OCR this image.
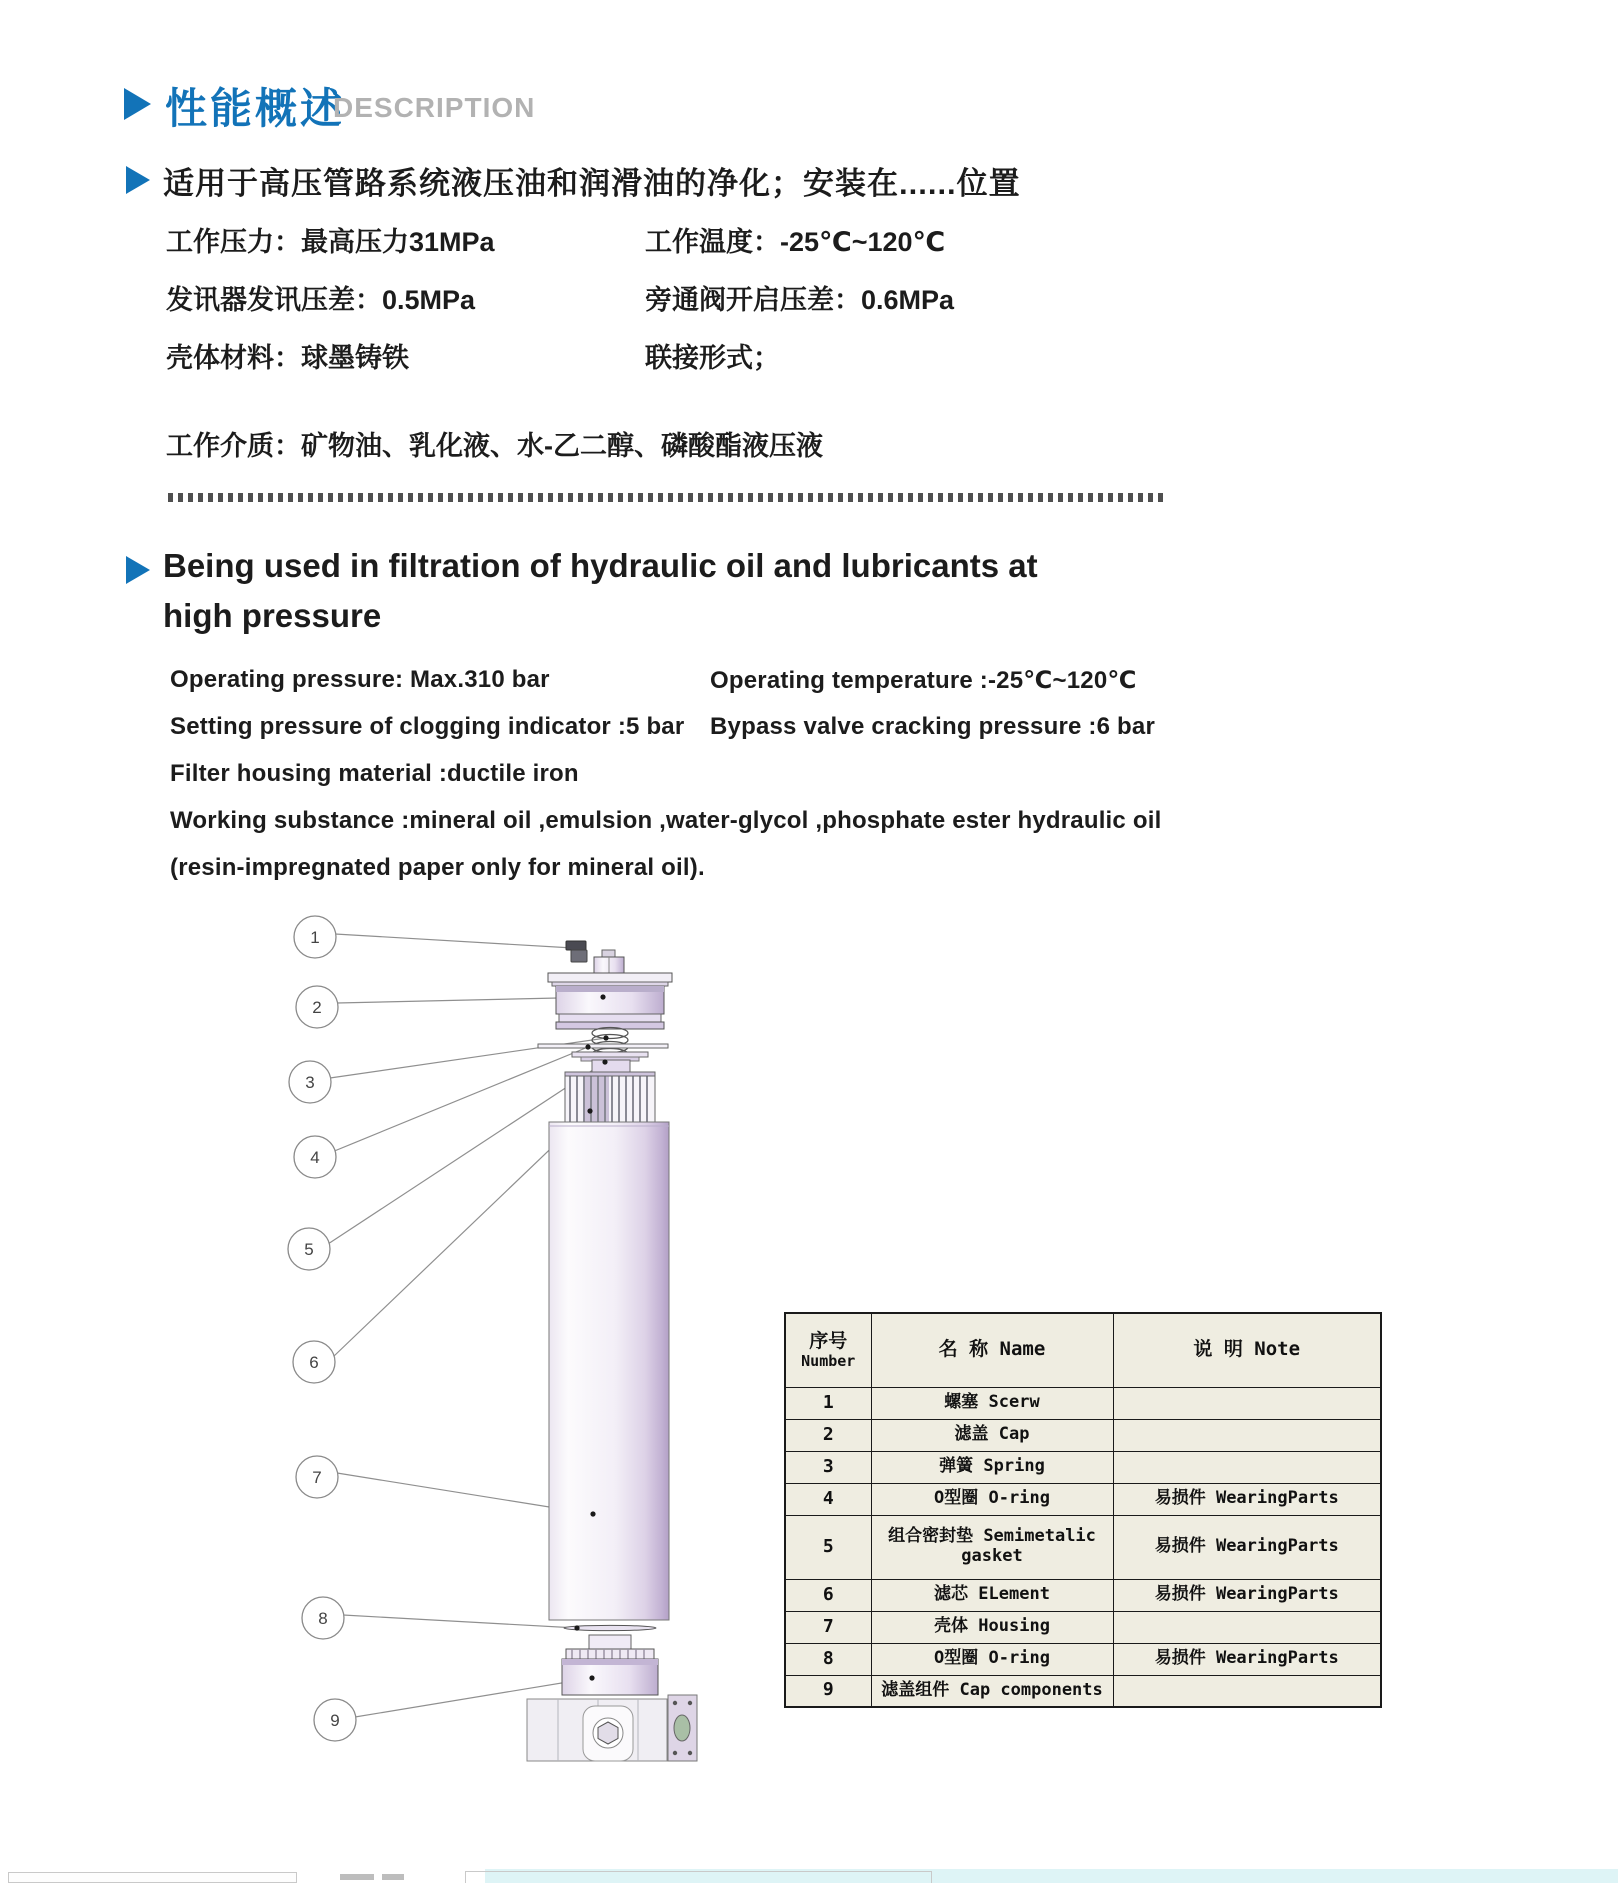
性能概述
DESCRIPTION
适用于高压管路系统液压油和润滑油的净化；安装在......位置
工作压力：最高压力31MPa	工作温度：-25℃~120℃
发讯器发讯压差：0.5MPa	旁通阀开启压差：0.6MPa
壳体材料：球墨铸铁	联接形式；
工作介质：矿物油、乳化液、水-乙二醇、磷酸酯液压液
Being used in filtration of hydraulic oil and lubricants at high pressure
Operating pressure: Max.310 bar	Operating temperature :-25℃~120℃
Setting pressure of clogging indicator :5 bar Bypass valve cracking pressure :6 bar
Filter housing material :ductile iron
Working substance :mineral oil ,emulsion ,water-glycol ,phosphate ester hydraulic oil
(resin-impregnated paper only for mineral oil).
1
2
3
4
5
6
7
8
9
序号
Number	名 称 Name	说 明 Note
1	螺塞 Scerw	
2	滤盖 Cap	
3	弹簧 Spring	
4	O型圈 O-ring	易损件 WearingParts
5	组合密封垫 Semimetalic gasket	易损件 WearingParts
6	滤芯 ELement	易损件 WearingParts
7	壳体 Housing	
8	O型圈 O-ring	易损件 WearingParts
9	滤盖组件 Cap components	
